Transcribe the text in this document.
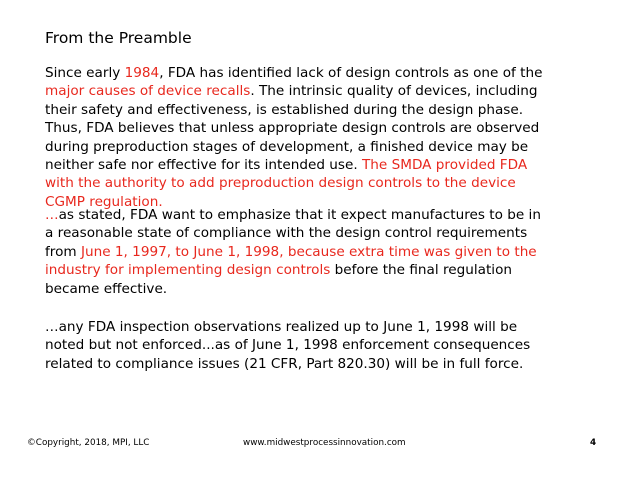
From the Preamble
Since early 1984, FDA has identified lack of design controls as one of the
major causes of device recalls. The intrinsic quality of devices, including
their safety and effectiveness, is established during the design phase.
Thus, FDA believes that unless appropriate design controls are observed
during preproduction stages of development, a finished device may be
neither safe nor effective for its intended use. The SMDA provided FDA
with the authority to add preproduction design controls to the device
CGMP regulation.
…as stated, FDA want to emphasize that it expect manufactures to be in
a reasonable state of compliance with the design control requirements
from June 1, 1997, to June 1, 1998, because extra time was given to the
industry for implementing design controls before the final regulation
became effective.
…any FDA inspection observations realized up to June 1, 1998 will be
noted but not enforced...as of June 1, 1998 enforcement consequences
related to compliance issues (21 CFR, Part 820.30) will be in full force.
©Copyright, 2018, MPI, LLC	www.midwestprocessinnovation.com	4
